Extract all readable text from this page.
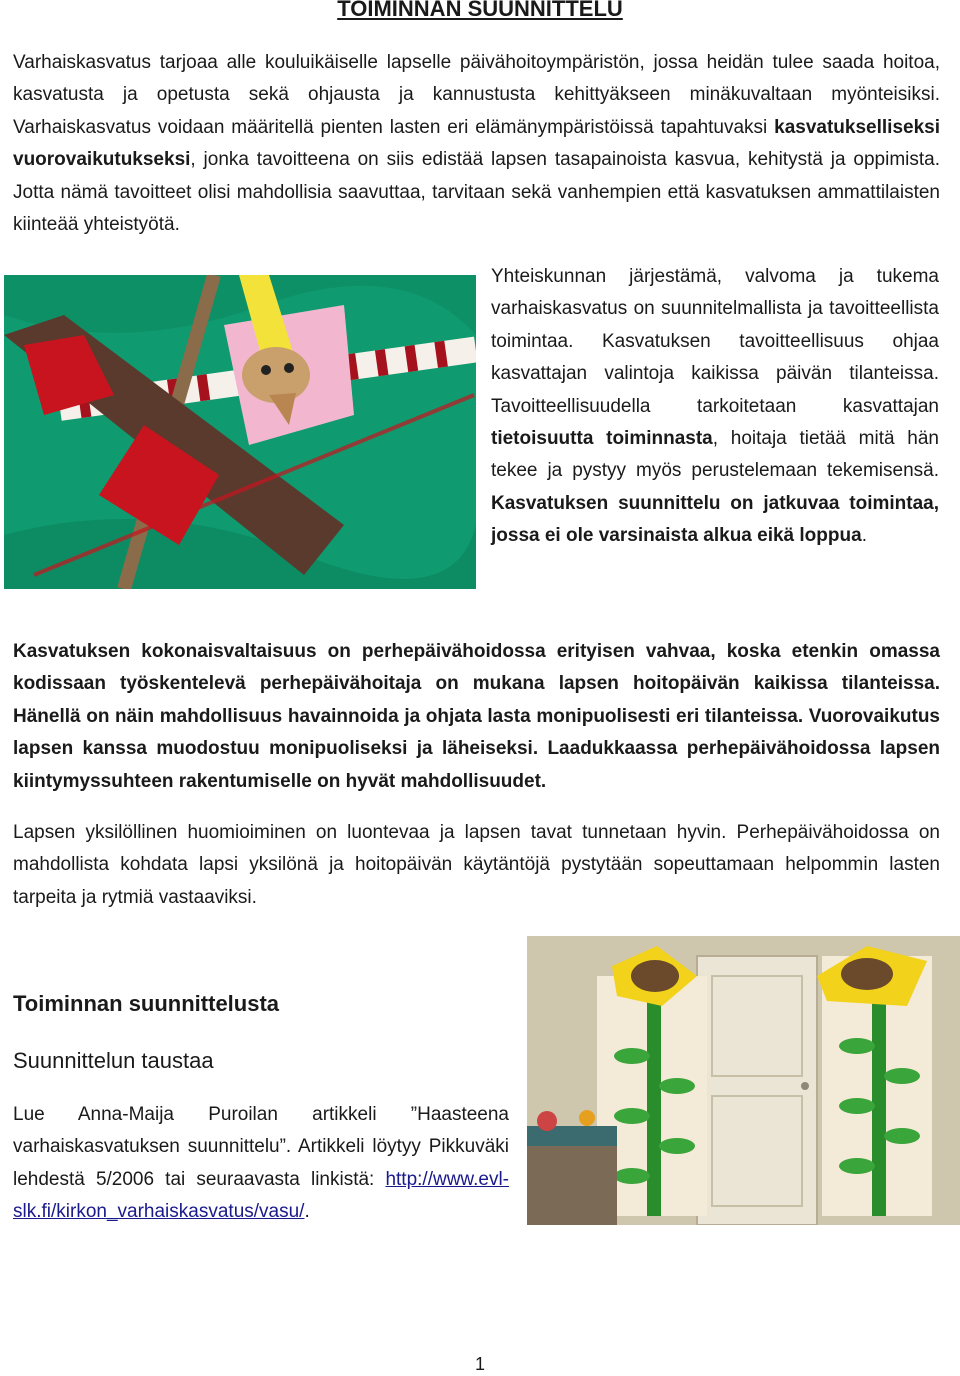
TOIMINNAN SUUNNITTELU
Varhaiskasvatus tarjoaa alle kouluikäiselle lapselle päivähoitoympäristön, jossa heidän tulee saada hoitoa, kasvatusta ja opetusta sekä ohjausta ja kannustusta kehittyäkseen minäkuvaltaan myönteisiksi. Varhaiskasvatus voidaan määritellä pienten lasten eri elämänympäristöissä tapahtuvaksi kasvatukselliseksi vuorovaikutukseksi, jonka tavoitteena on siis edistää lapsen tasapainoista kasvua, kehitystä ja oppimista. Jotta nämä tavoitteet olisi mahdollisia saavuttaa, tarvitaan sekä vanhempien että kasvatuksen ammattilaisten kiinteää yhteistyötä.
Yhteiskunnan järjestämä, valvoma ja tukema varhaiskasvatus on suunnitelmallista ja tavoitteellista toimintaa. Kasvatuksen tavoitteellisuus ohjaa kasvattajan valintoja kaikissa päivän tilanteissa. Tavoitteellisuudella tarkoitetaan kasvattajan tietoisuutta toiminnasta, hoitaja tietää mitä hän tekee ja pystyy myös perustelemaan tekemisensä. Kasvatuksen suunnittelu on jatkuvaa toimintaa, jossa ei ole varsinaista alkua eikä loppua.
Kasvatuksen kokonaisvaltaisuus on perhepäivähoidossa erityisen vahvaa, koska etenkin omassa kodissaan työskentelevä perhepäivähoitaja on mukana lapsen hoitopäivän kaikissa tilanteissa. Hänellä on näin mahdollisuus havainnoida ja ohjata lasta monipuolisesti eri tilanteissa. Vuorovaikutus lapsen kanssa muodostuu monipuoliseksi ja läheiseksi. Laadukkaassa perhepäivähoidossa lapsen kiintymyssuhteen rakentumiselle on hyvät mahdollisuudet.
Lapsen yksilöllinen huomioiminen on luontevaa ja lapsen tavat tunnetaan hyvin. Perhepäivähoidossa on mahdollista kohdata lapsi yksilönä ja hoitopäivän käytäntöjä pystytään sopeuttamaan helpommin lasten tarpeita ja rytmiä vastaaviksi.
Toiminnan suunnittelusta
Suunnittelun taustaa
Lue Anna-Maija Puroilan artikkeli ”Haasteena varhaiskasvatuksen suunnittelu”. Artikkeli löytyy Pikkuväki lehdestä 5/2006 tai seuraavasta linkistä: http://www.evl-slk.fi/kirkon_varhaiskasvatus/vasu/.
1
